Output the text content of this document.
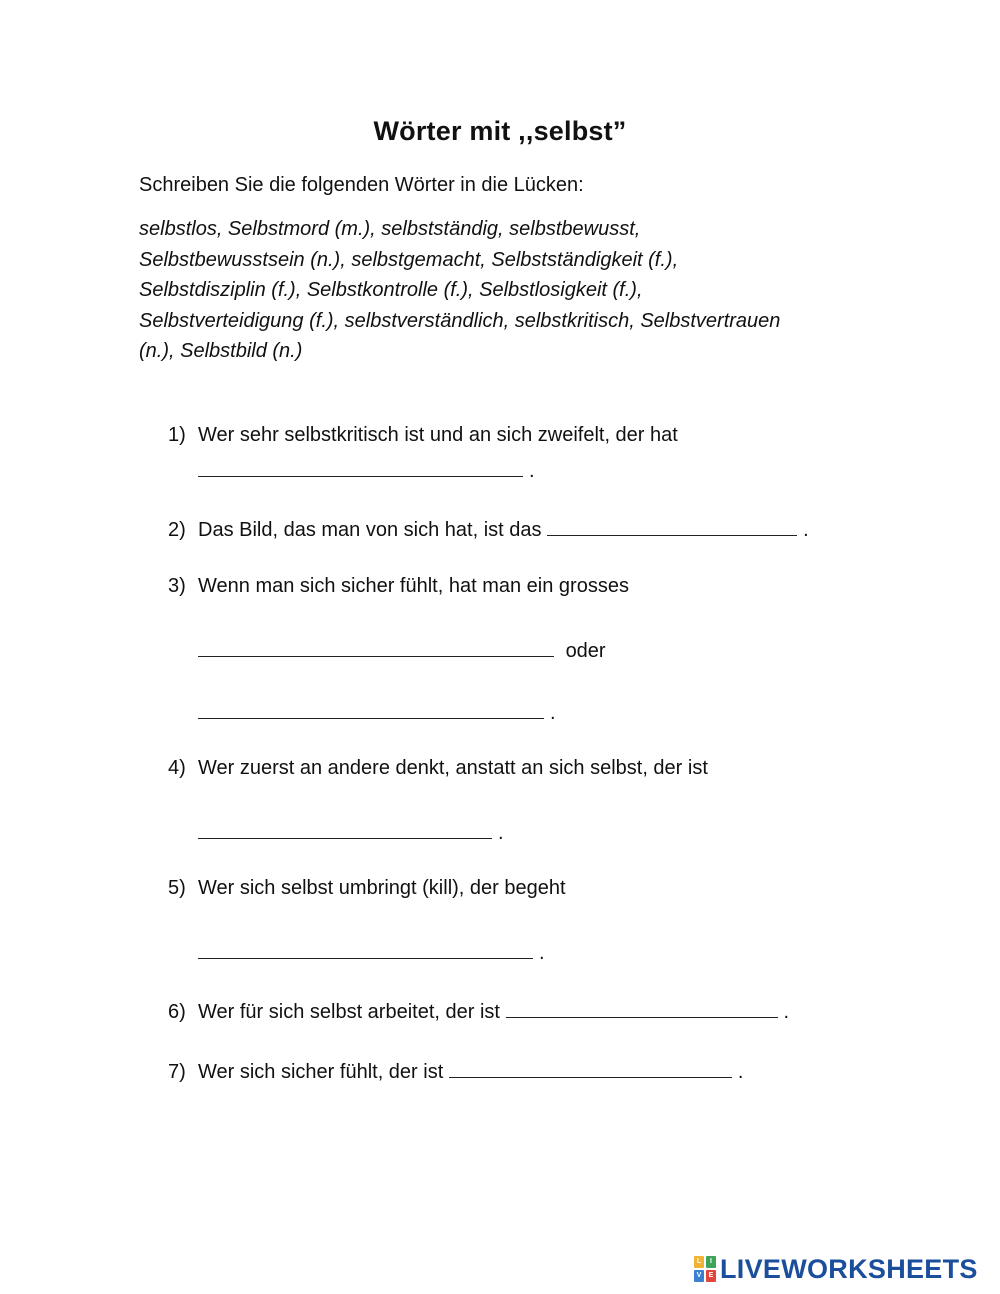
Wörter mit ,,selbst”
Schreiben Sie die folgenden Wörter in die Lücken:
selbstlos, Selbstmord (m.), selbstständig, selbstbewusst,
Selbstbewusstsein (n.), selbstgemacht, Selbstständigkeit (f.),
Selbstdisziplin (f.), Selbstkontrolle (f.), Selbstlosigkeit (f.),
Selbstverteidigung (f.), selbstverständlich, selbstkritisch, Selbstvertrauen
(n.), Selbstbild (n.)
1) Wer sehr selbstkritisch ist und an sich zweifelt, der hat
.
2) Das Bild, das man von sich hat, ist das	.
3) Wenn man sich sicher fühlt, hat man ein grosses
oder
.
4) Wer zuerst an andere denkt, anstatt an sich selbst, der ist
.
5) Wer sich selbst umbringt (kill), der begeht
.
6) Wer für sich selbst arbeitet, der ist	.
7) Wer sich sicher fühlt, der ist	.
L	I
V	E LIVEWORKSHEETS
